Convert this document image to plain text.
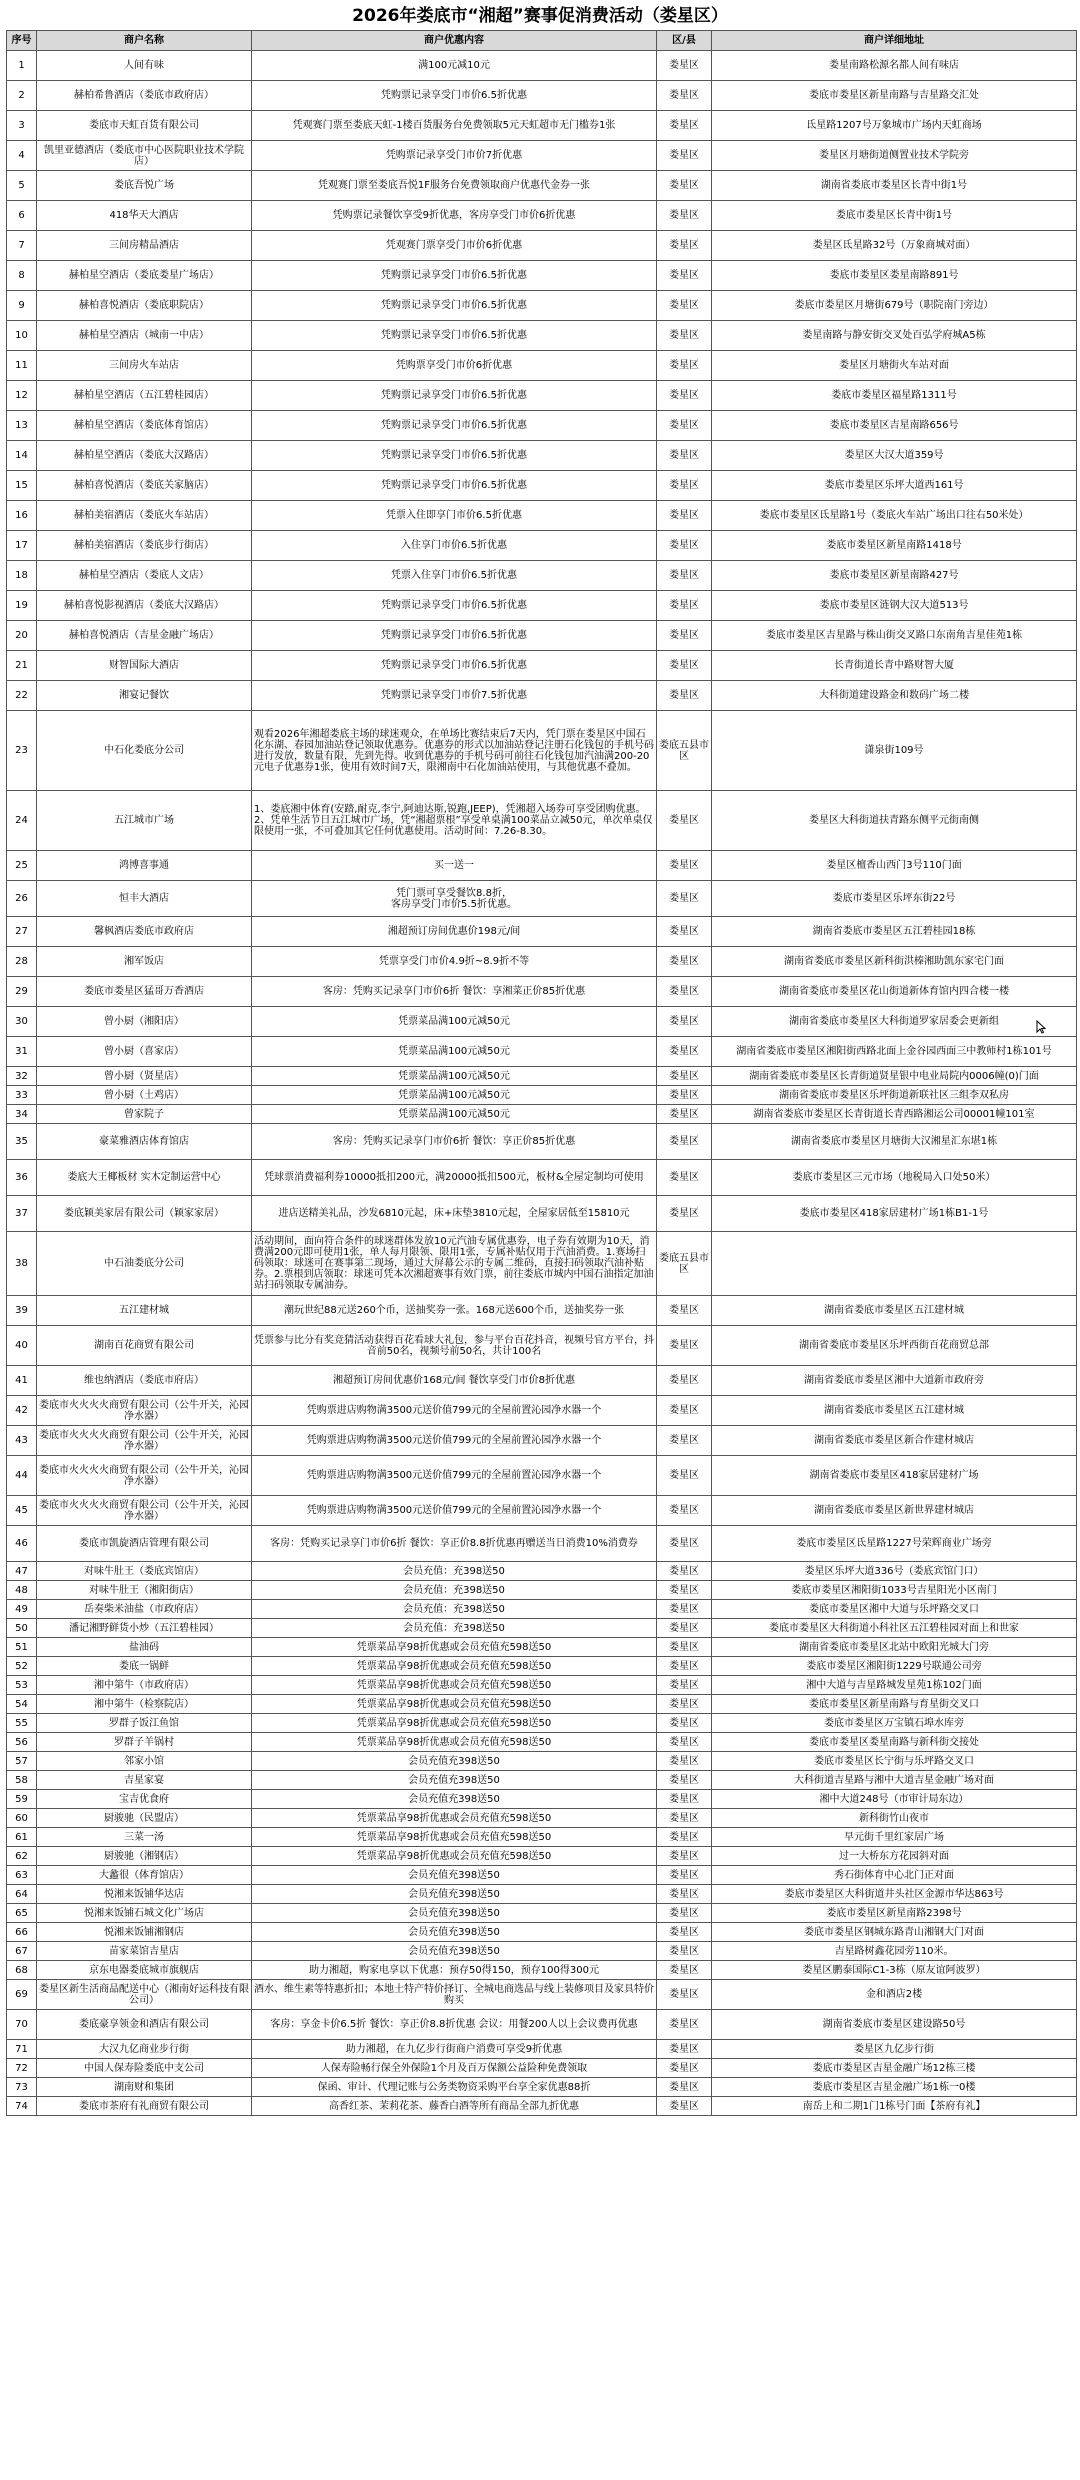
2026年娄底市“湘超”赛事促消费活动（娄星区）
序号	商户名称	商户优惠内容	区/县	商户详细地址
1	人间有味	满100元减10元	娄星区	娄星南路松源名都人间有味店
2	赫柏希鲁酒店（娄底市政府店）	凭购票记录享受门市价6.5折优惠	娄星区	娄底市娄星区新星南路与吉星路交汇处
3	娄底市天虹百货有限公司	凭观赛门票至娄底天虹-1楼百货服务台免费领取5元天虹超市无门槛券1张	娄星区	氐星路1207号万象城市广场内天虹商场
4	凯里亚德酒店（娄底市中心医院职业技术学院店）	凭购票记录享受门市价7折优惠	娄星区	娄星区月塘街道侧置业技术学院旁
5	娄底吾悦广场	凭观赛门票至娄底吾悦1F服务台免费领取商户优惠代金券一张	娄星区	湖南省娄底市娄星区长青中街1号
6	418华天大酒店	凭购票记录餐饮享受9折优惠，客房享受门市价6折优惠	娄星区	娄底市娄星区长青中街1号
7	三间房精品酒店	凭观赛门票享受门市价6折优惠	娄星区	娄星区氐星路32号（万象商城对面）
8	赫柏星空酒店（娄底娄星广场店）	凭购票记录享受门市价6.5折优惠	娄星区	娄底市娄星区娄星南路891号
9	赫柏喜悦酒店（娄底职院店）	凭购票记录享受门市价6.5折优惠	娄星区	娄底市娄星区月塘街679号（职院南门旁边）
10	赫柏星空酒店（城南一中店）	凭购票记录享受门市价6.5折优惠	娄星区	娄星南路与静安街交叉处百弘学府城A5栋
11	三间房火车站店	凭购票享受门市价6折优惠	娄星区	娄星区月塘街火车站对面
12	赫柏星空酒店（五江碧桂园店）	凭购票记录享受门市价6.5折优惠	娄星区	娄底市娄星区福星路1311号
13	赫柏星空酒店（娄底体育馆店）	凭购票记录享受门市价6.5折优惠	娄星区	娄底市娄星区吉星南路656号
14	赫柏星空酒店（娄底大汉路店）	凭购票记录享受门市价6.5折优惠	娄星区	娄星区大汉大道359号
15	赫柏喜悦酒店（娄底关家脑店）	凭购票记录享受门市价6.5折优惠	娄星区	娄底市娄星区乐坪大道西161号
16	赫柏美宿酒店（娄底火车站店）	凭票入住即享门市价6.5折优惠	娄星区	娄底市娄星区氐星路1号（娄底火车站广场出口往右50米处）
17	赫柏美宿酒店（娄底步行街店）	入住享门市价6.5折优惠	娄星区	娄底市娄星区新星南路1418号
18	赫柏星空酒店（娄底人文店）	凭票入住享门市价6.5折优惠	娄星区	娄底市娄星区新星南路427号
19	赫柏喜悦影视酒店（娄底大汉路店）	凭购票记录享受门市价6.5折优惠	娄星区	娄底市娄星区涟钢大汉大道513号
20	赫柏喜悦酒店（吉星金融广场店）	凭购票记录享受门市价6.5折优惠	娄星区	娄底市娄星区吉星路与株山街交叉路口东南角吉星佳苑1栋
21	财智国际大酒店	凭购票记录享受门市价6.5折优惠	娄星区	长青街道长青中路财智大厦
22	湘宴记餐饮	凭购票记录享受门市价7.5折优惠	娄星区	大科街道建设路金和数码广场二楼
23	中石化娄底分公司	观看2026年湘超娄底主场的球迷观众，在单场比赛结束后7天内，凭门票在娄星区中国石化东湖、春园加油站登记领取优惠券。优惠券的形式以加油站登记注册石化钱包的手机号码进行发放，数量有限，先到先得。收到优惠券的手机号码可前往石化钱包加汽油满200-20元电子优惠券1张，使用有效时间7天，限湘南中石化加油站使用，与其他优惠不叠加。	娄底五县市区	潇泉街109号
24	五江城市广场	1、娄底湘中体育(安踏,耐克,李宁,阿迪达斯,锐跑,JEEP)，凭湘超入场券可享受团购优惠。
2、凭单生活节日五江城市广场，凭“湘超票根”享受单桌满100菜品立减50元，单次单桌仅限使用一张，不可叠加其它任何优惠使用。活动时间：7.26-8.30。	娄星区	娄星区大科街道扶青路东侧平元街南侧
25	鸿博喜事通	买一送一	娄星区	娄星区檀香山西门3号110门面
26	恒丰大酒店	凭门票可享受餐饮8.8折，
客房享受门市价5.5折优惠。	娄星区	娄底市娄星区乐坪东街22号
27	馨枫酒店娄底市政府店	湘超预订房间优惠价198元/间	娄星区	湖南省娄底市娄星区五江碧桂园18栋
28	湘军饭店	凭票享受门市价4.9折~8.9折不等	娄星区	湖南省娄底市娄星区新科街洪榛湘助凯东家宅门面
29	娄底市娄星区猛哥万香酒店	客房：凭购买记录享门市价6折 餐饮：享湘菜正价85折优惠	娄星区	湖南省娄底市娄星区花山街道新体育馆内四合楼一楼
30	曾小厨（湘阳店）	凭票菜品满100元减50元	娄星区	湖南省娄底市娄星区大科街道罗家居委会更新组
31	曾小厨（喜家店）	凭票菜品满100元减50元	娄星区	湖南省娄底市娄星区湘阳街西路北面上金谷园西面三中教师村1栋101号
32	曾小厨（贤星店）	凭票菜品满100元减50元	娄星区	湖南省娄底市娄星区长青街道贤星银中电业局院内0006幢(0)门面
33	曾小厨（土鸡店）	凭票菜品满100元减50元	娄星区	湖南省娄底市娄星区乐坪街道新联社区三组李双私房
34	曾家院子	凭票菜品满100元减50元	娄星区	湖南省娄底市娄星区长青街道长青西路湘运公司00001幢101室
35	豪菜雅酒店体育馆店	客房：凭购买记录享门市价6折 餐饮：享正价85折优惠	娄星区	湖南省娄底市娄星区月塘街大汉湘星汇东堪1栋
36	娄底大王椰板材 实木定制运营中心	凭球票消费福利券10000抵扣200元，满20000抵扣500元，板材&全屋定制均可使用	娄星区	娄底市娄星区三元市场（地税局入口处50米）
37	娄底颖美家居有限公司（颖家家居）	进店送精美礼品，沙发6810元起，床+床垫3810元起，全屋家居低至15810元	娄星区	娄底市娄星区418家居建材广场1栋B1-1号
38	中石油娄底分公司	活动期间，面向符合条件的球迷群体发放10元汽油专属优惠券，电子券有效期为10天，消费满200元即可使用1张，单人每月限领、限用1张，专属补贴仅用于汽油消费。1.赛场扫码领取：球迷可在赛事第二现场，通过大屏幕公示的专属二维码，直接扫码领取汽油补贴券。2.票根到店领取：球迷可凭本次湘超赛事有效门票，前往娄底市城内中国石油指定加油站扫码领取专属油券。	娄底五县市区	
39	五江建材城	潮玩世纪88元送260个币，送抽奖券一张。168元送600个币，送抽奖券一张	娄星区	湖南省娄底市娄星区五江建材城
40	湖南百花商贸有限公司	凭票参与比分有奖竞猜活动获得百花看球大礼包，参与平台百花抖音，视频号官方平台，抖音前50名，视频号前50名，共计100名	娄星区	湖南省娄底市娄星区乐坪西街百花商贸总部
41	维也纳酒店（娄底市府店）	湘超预订房间优惠价168元/间 餐饮享受门市价8折优惠	娄星区	湖南省娄底市娄星区湘中大道新市政府旁
42	娄底市火火火火商贸有限公司（公牛开关，沁园净水器）	凭购票进店购物满3500元送价值799元的全屋前置沁园净水器一个	娄星区	湖南省娄底市娄星区五江建材城
43	娄底市火火火火商贸有限公司（公牛开关，沁园净水器）	凭购票进店购物满3500元送价值799元的全屋前置沁园净水器一个	娄星区	湖南省娄底市娄星区新合作建材城店
44	娄底市火火火火商贸有限公司（公牛开关，沁园净水器）	凭购票进店购物满3500元送价值799元的全屋前置沁园净水器一个	娄星区	湖南省娄底市娄星区418家居建材广场
45	娄底市火火火火商贸有限公司（公牛开关，沁园净水器）	凭购票进店购物满3500元送价值799元的全屋前置沁园净水器一个	娄星区	湖南省娄底市娄星区新世界建材城店
46	娄底市凯旋酒店管理有限公司	客房：凭购买记录享门市价6折 餐饮：享正价8.8折优惠再赠送当日消费10%消费券	娄星区	娄底市娄星区氐星路1227号荣辉商业广场旁
47	对味牛肚王（娄底宾馆店）	会员充值：充398送50	娄星区	娄星区乐坪大道336号（娄底宾馆门口）
48	对味牛肚王（湘阳街店）	会员充值：充398送50	娄星区	娄底市娄星区湘阳街1033号吉星阳光小区南门
49	岳奏柴米油盐（市政府店）	会员充值：充398送50	娄星区	娄底市娄星区湘中大道与乐坪路交叉口
50	潘记湘野鲜货小炒（五江碧桂园）	会员充值：充398送50	娄星区	娄底市娄星区大科街道小科社区五江碧桂园对面上和世家
51	盐油码	凭票菜品享98折优惠或会员充值充598送50	娄星区	湖南省娄底市娄星区北站中欧阳光城大门旁
52	娄底一锅鲜	凭票菜品享98折优惠或会员充值充598送50	娄星区	娄底市娄星区湘阳街1229号联通公司旁
53	湘中第牛（市政府店）	凭票菜品享98折优惠或会员充值充598送50	娄星区	湘中大道与吉星路城发星苑1栋102门面
54	湘中第牛（检察院店）	凭票菜品享98折优惠或会员充值充598送50	娄星区	娄底市娄星区新星南路与育星街交叉口
55	罗群子饭江鱼馆	凭票菜品享98折优惠或会员充值充598送50	娄星区	娄底市娄星区万宝镇石埠水库旁
56	罗群子羊锅村	凭票菜品享98折优惠或会员充值充598送50	娄星区	娄底市娄星区娄星南路与新科街交接处
57	邻家小馆	会员充值充398送50	娄星区	娄底市娄星区长宁街与乐坪路交叉口
58	吉星家宴	会员充值充398送50	娄星区	大科街道吉星路与湘中大道吉星金融广场对面
59	宝吉优食府	会员充值充398送50	娄星区	湘中大道248号（市审计局东边）
60	厨骏驰（民盟店）	凭票菜品享98折优惠或会员充值充598送50	娄星区	新科街竹山夜市
61	三菜一汤	凭票菜品享98折优惠或会员充值充598送50	娄星区	早元街千里红家居广场
62	厨骏驰（湘钢店）	凭票菜品享98折优惠或会员充值充598送50	娄星区	过一大桥东方花园斜对面
63	大蠡很（体育馆店）	会员充值充398送50	娄星区	秀石街体育中心北门正对面
64	悦湘来饭铺华达店	会员充值充398送50	娄星区	娄底市娄星区大科街道井头社区金源市华达863号
65	悦湘来饭铺石城文化广场店	会员充值充398送50	娄星区	娄底市娄星区新星南路2398号
66	悦湘来饭铺湘钢店	会员充值充398送50	娄星区	娄底市娄星区钢城东路青山湘钢大门对面
67	苗家菜馆吉星店	会员充值充398送50	娄星区	吉星路树鑫花园旁110米。
68	京东电器娄底城市旗舰店	助力湘超，购家电享以下优惠：预存50得150，预存100得300元	娄星区	娄星区鹏泰国际C1-3栋（原友谊阿波罗）
69	娄星区新生活商品配送中心（湘南好运科技有限公司）	酒水、维生素等特惠折扣；本地土特产特价择订、全城电商选品与线上装修项目及家具特价购买	娄星区	金和酒店2楼
70	娄底豪享领金和酒店有限公司	客房：享金卡价6.5折 餐饮：享正价8.8折优惠 会议：用餐200人以上会议费再优惠	娄星区	湖南省娄底市娄星区建设路50号
71	大汉九亿商业步行街	助力湘超，在九亿步行街商户消费可享受9折优惠	娄星区	娄星区九亿步行街
72	中国人保寿险娄底中支公司	人保寿险畅行保全外保险1个月及百万保额公益险种免费领取	娄星区	娄底市娄星区吉星金融广场12栋三楼
73	湖南财和集团	保函、审计、代理记账与公务类物资采购平台享全家优惠88折	娄星区	娄底市娄星区吉星金融广场1栋一0楼
74	娄底市茶府有礼商贸有限公司	高香红茶、茉莉花茶、藤香白酒等所有商品全部九折优惠	娄星区	南岳上和二期1门1栋号门面【茶府有礼】
